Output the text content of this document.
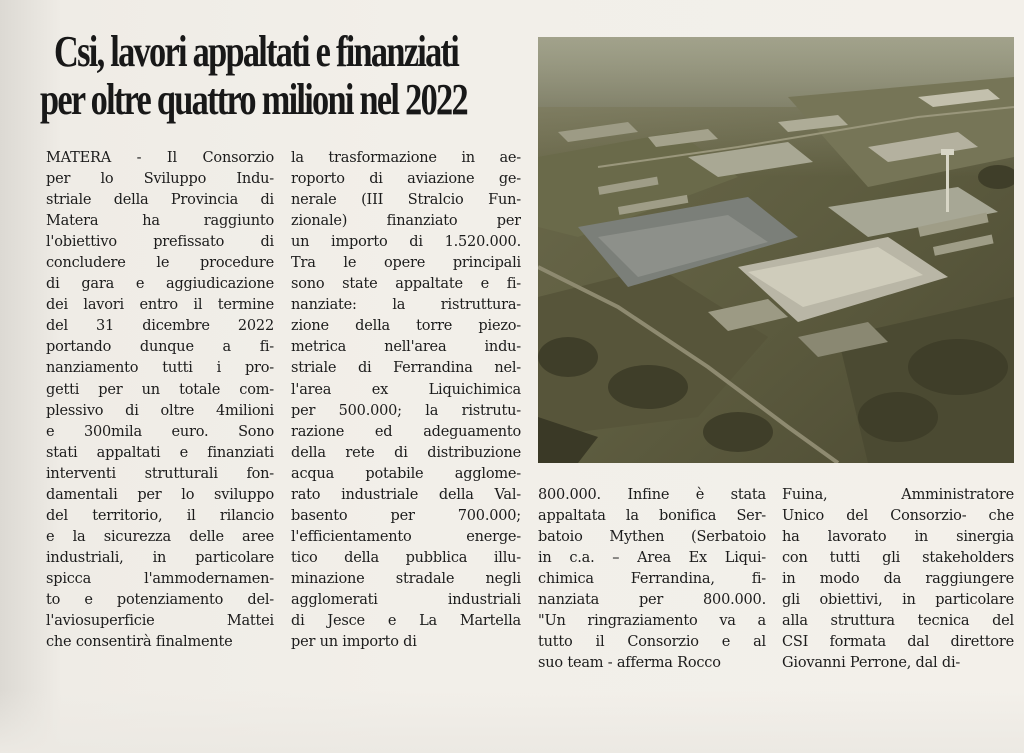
Csi, lavori appaltati e finanziati
per oltre quattro milioni nel 2022
MATERA - Il Consorzio
per lo Sviluppo Indu-
striale della Provincia di
Matera ha raggiunto
l'obiettivo prefissato di
concludere le procedure
di gara e aggiudicazione
dei lavori entro il termine
del 31 dicembre 2022
portando dunque a fi-
nanziamento tutti i pro-
getti per un totale com-
plessivo di oltre 4milioni
e 300mila euro. Sono
stati appaltati e finanziati
interventi strutturali fon-
damentali per lo sviluppo
del territorio, il rilancio
e la sicurezza delle aree
industriali, in particolare
spicca l'ammodernamen-
to e potenziamento del-
l'aviosuperficie Mattei
che consentirà finalmente
la trasformazione in ae-
roporto di aviazione ge-
nerale (III Stralcio Fun-
zionale) finanziato per
un importo di 1.520.000.
Tra le opere principali
sono state appaltate e fi-
nanziate: la ristruttura-
zione della torre piezo-
metrica nell'area indu-
striale di Ferrandina nel-
l'area ex Liquichimica
per 500.000; la ristrutu-
razione ed adeguamento
della rete di distribuzione
acqua potabile agglome-
rato industriale della Val-
basento per 700.000;
l'efficientamento energe-
tico della pubblica illu-
minazione stradale negli
agglomerati industriali
di Jesce e La Martella
per un importo di
800.000. Infine è stata
appaltata la bonifica Ser-
batoio Mythen (Serbatoio
in c.a. – Area Ex Liqui-
chimica Ferrandina, fi-
nanziata per 800.000.
"Un ringraziamento va a
tutto il Consorzio e al
suo team - afferma Rocco
Fuina, Amministratore
Unico del Consorzio- che
ha lavorato in sinergia
con tutti gli stakeholders
in modo da raggiungere
gli obiettivi, in particolare
alla struttura tecnica del
CSI formata dal direttore
Giovanni Perrone, dal di-
